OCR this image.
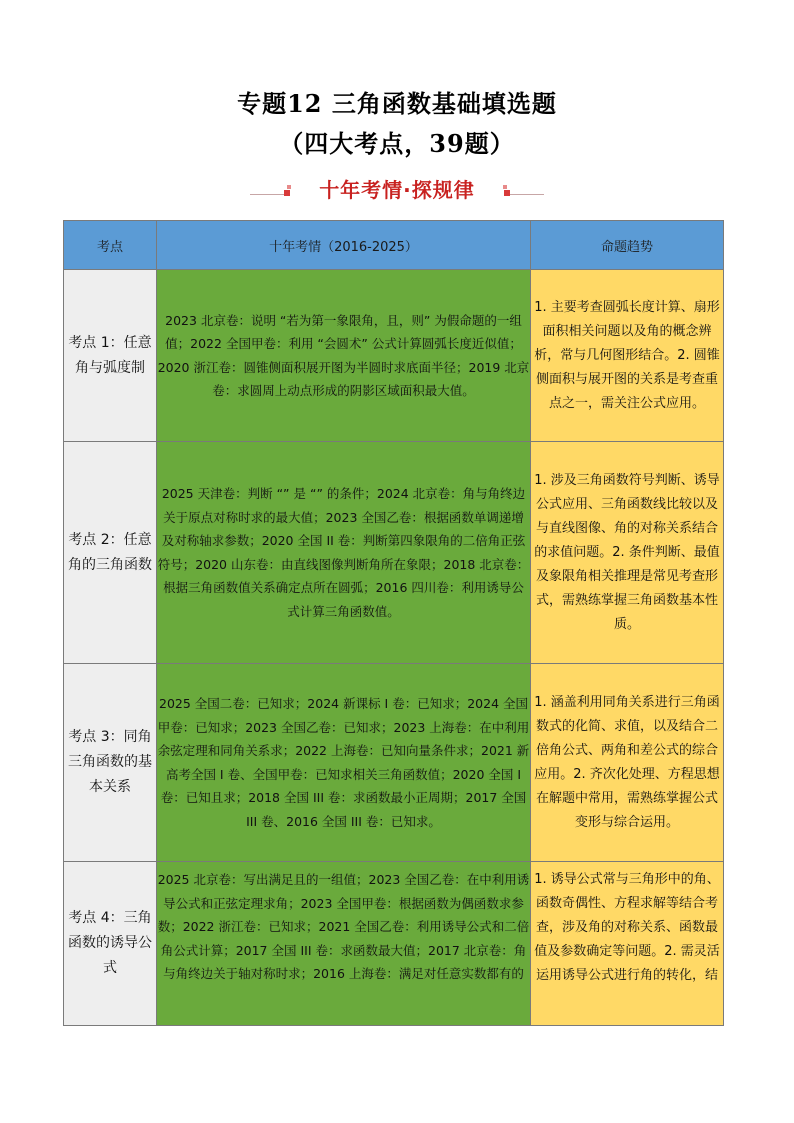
专题12 三角函数基础填选题
（四大考点，39题）
十年考情·探规律
考点	十年考情（2016-2025）	命题趋势
考点 1：任意角与弧度制	2023 北京卷：说明 “若为第一象限角，且，则” 为假命题的一组值；2022 全国甲卷：利用 “会圆术” 公式计算圆弧长度近似值；2020 浙江卷：圆锥侧面积展开图为半圆时求底面半径；2019 北京卷：求圆周上动点形成的阴影区域面积最大值。	1. 主要考查圆弧长度计算、扇形面积相关问题以及角的概念辨析，常与几何图形结合。2. 圆锥侧面积与展开图的关系是考查重点之一，需关注公式应用。
考点 2：任意角的三角函数	2025 天津卷：判断 “” 是 “” 的条件；2024 北京卷：角与角终边关于原点对称时求的最大值；2023 全国乙卷：根据函数单调递增及对称轴求参数；2020 全国 II 卷：判断第四象限角的二倍角正弦符号；2020 山东卷：由直线图像判断角所在象限；2018 北京卷：根据三角函数值关系确定点所在圆弧；2016 四川卷：利用诱导公式计算三角函数值。	1. 涉及三角函数符号判断、诱导公式应用、三角函数线比较以及与直线图像、角的对称关系结合的求值问题。2. 条件判断、最值及象限角相关推理是常见考查形式，需熟练掌握三角函数基本性质。
考点 3：同角三角函数的基本关系	2025 全国二卷：已知求；2024 新课标 I 卷：已知求；2024 全国甲卷：已知求；2023 全国乙卷：已知求；2023 上海卷：在中利用余弦定理和同角关系求；2022 上海卷：已知向量条件求；2021 新高考全国 I 卷、全国甲卷：已知求相关三角函数值；2020 全国 I 卷：已知且求；2018 全国 III 卷：求函数最小正周期；2017 全国 III 卷、2016 全国 III 卷：已知求。	1. 涵盖利用同角关系进行三角函数式的化简、求值，以及结合二倍角公式、两角和差公式的综合应用。2. 齐次化处理、方程思想在解题中常用，需熟练掌握公式变形与综合运用。
考点 4：三角函数的诱导公式	2025 北京卷：写出满足且的一组值；2023 全国乙卷：在中利用诱导公式和正弦定理求角；2023 全国甲卷：根据函数为偶函数求参数；2022 浙江卷：已知求；2021 全国乙卷：利用诱导公式和二倍角公式计算；2017 全国 III 卷：求函数最大值；2017 北京卷：角与角终边关于轴对称时求；2016 上海卷：满足对任意实数都有的	1. 诱导公式常与三角形中的角、函数奇偶性、方程求解等结合考查，涉及角的对称关系、函数最值及参数确定等问题。2. 需灵活运用诱导公式进行角的转化，结
